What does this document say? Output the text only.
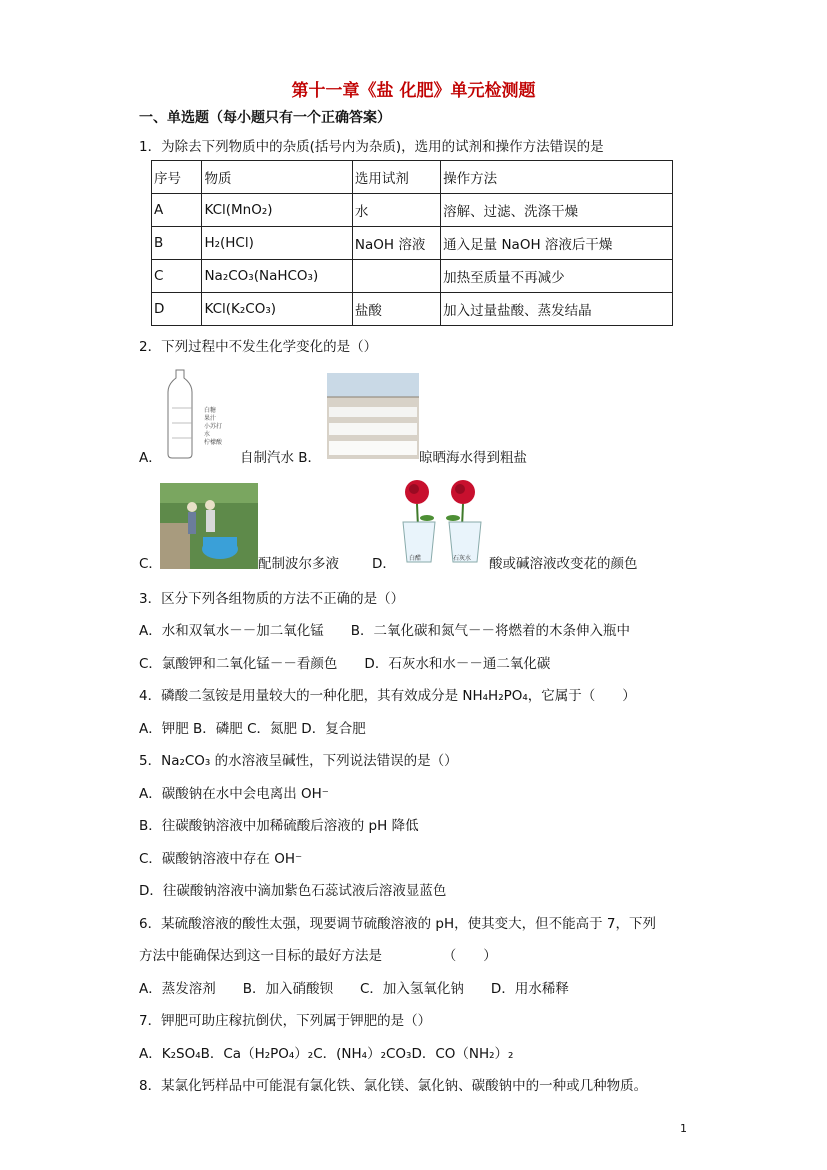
第十一章《盐 化肥》单元检测题
一、单选题（每小题只有一个正确答案）
1．为除去下列物质中的杂质(括号内为杂质)，选用的试剂和操作方法错误的是
序号	物质	选用试剂	操作方法
A	KCl(MnO₂)	水	溶解、过滤、洗涤干燥
B	H₂(HCl)	NaOH 溶液	通入足量 NaOH 溶液后干燥
C	Na₂CO₃(NaHCO₃)		加热至质量不再减少
D	KCl(K₂CO₃)	盐酸	加入过量盐酸、蒸发结晶
2．下列过程中不发生化学变化的是（）
白糖
果汁
小苏打
水
柠檬酸
A．	自制汽水 B．	晾晒海水得到粗盐
C．	配制波尔多液 D． 白醋	石灰水 酸或碱溶液改变花的颜色
3．区分下列各组物质的方法不正确的是（）
A．水和双氧水－－加二氧化锰　　B．二氧化碳和氮气－－将燃着的木条伸入瓶中
C．氯酸钾和二氧化锰－－看颜色　　D．石灰水和水－－通二氧化碳
4．磷酸二氢铵是用量较大的一种化肥，其有效成分是 NH₄H₂PO₄，它属于（　　）
A．钾肥 B．磷肥 C．氮肥 D．复合肥
5．Na₂CO₃ 的水溶液呈碱性，下列说法错误的是（）
A．碳酸钠在水中会电离出 OH⁻
B．往碳酸钠溶液中加稀硫酸后溶液的 pH 降低
C．碳酸钠溶液中存在 OH⁻
D．往碳酸钠溶液中滴加紫色石蕊试液后溶液显蓝色
6．某硫酸溶液的酸性太强，现要调节硫酸溶液的 pH，使其变大，但不能高于 7，下列
方法中能确保达到这一目标的最好方法是　　　　　（　　）
A．蒸发溶剂　　B．加入硝酸钡　　C．加入氢氧化钠　　D．用水稀释
7．钾肥可助庄稼抗倒伏，下列属于钾肥的是（）
A．K₂SO₄B．Ca（H₂PO₄）₂C．(NH₄）₂CO₃D．CO（NH₂）₂
8．某氯化钙样品中可能混有氯化铁、氯化镁、氯化钠、碳酸钠中的一种或几种物质。
1
